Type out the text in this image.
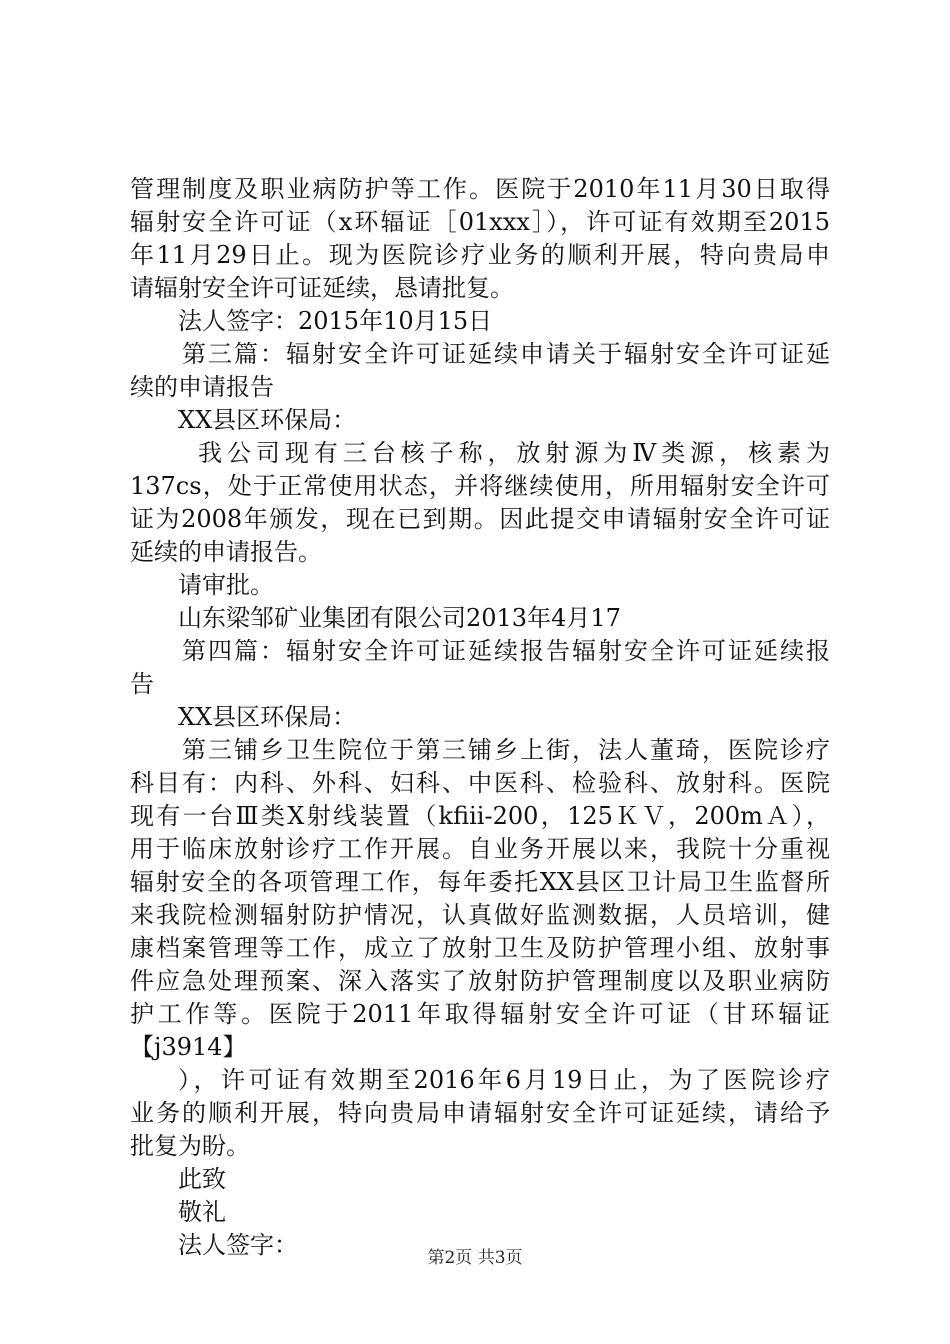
管理制度及职业病防护等工作。医院于2010年11月30日取得
辐射安全许可证（x环辐证［01xxx］），许可证有效期至2015
年11月29日止。现为医院诊疗业务的顺利开展，特向贵局申
请辐射安全许可证延续，恳请批复。
法人签字：2015年10月15日
第三篇：辐射安全许可证延续申请关于辐射安全许可证延
续的申请报告
XX县区环保局：
我公司现有三台核子称，放射源为Ⅳ类源，核素为
137cs，处于正常使用状态，并将继续使用，所用辐射安全许可
证为2008年颁发，现在已到期。因此提交申请辐射安全许可证
延续的申请报告。
请审批。
山东梁邹矿业集团有限公司2013年4月17
第四篇：辐射安全许可证延续报告辐射安全许可证延续报
告
XX县区环保局：
第三铺乡卫生院位于第三铺乡上街，法人董琦，医院诊疗
科目有：内科、外科、妇科、中医科、检验科、放射科。医院
现有一台Ⅲ类X射线装置（kfiii-200，125ＫＶ，200mＡ），
用于临床放射诊疗工作开展。自业务开展以来，我院十分重视
辐射安全的各项管理工作，每年委托XX县区卫计局卫生监督所
来我院检测辐射防护情况，认真做好监测数据，人员培训，健
康档案管理等工作，成立了放射卫生及防护管理小组、放射事
件应急处理预案、深入落实了放射防护管理制度以及职业病防
护工作等。医院于2011年取得辐射安全许可证（甘环辐证
【j3914】
），许可证有效期至2016年6月19日止，为了医院诊疗
业务的顺利开展，特向贵局申请辐射安全许可证延续，请给予
批复为盼。
此致
敬礼
法人签字：	第2页 共3页
